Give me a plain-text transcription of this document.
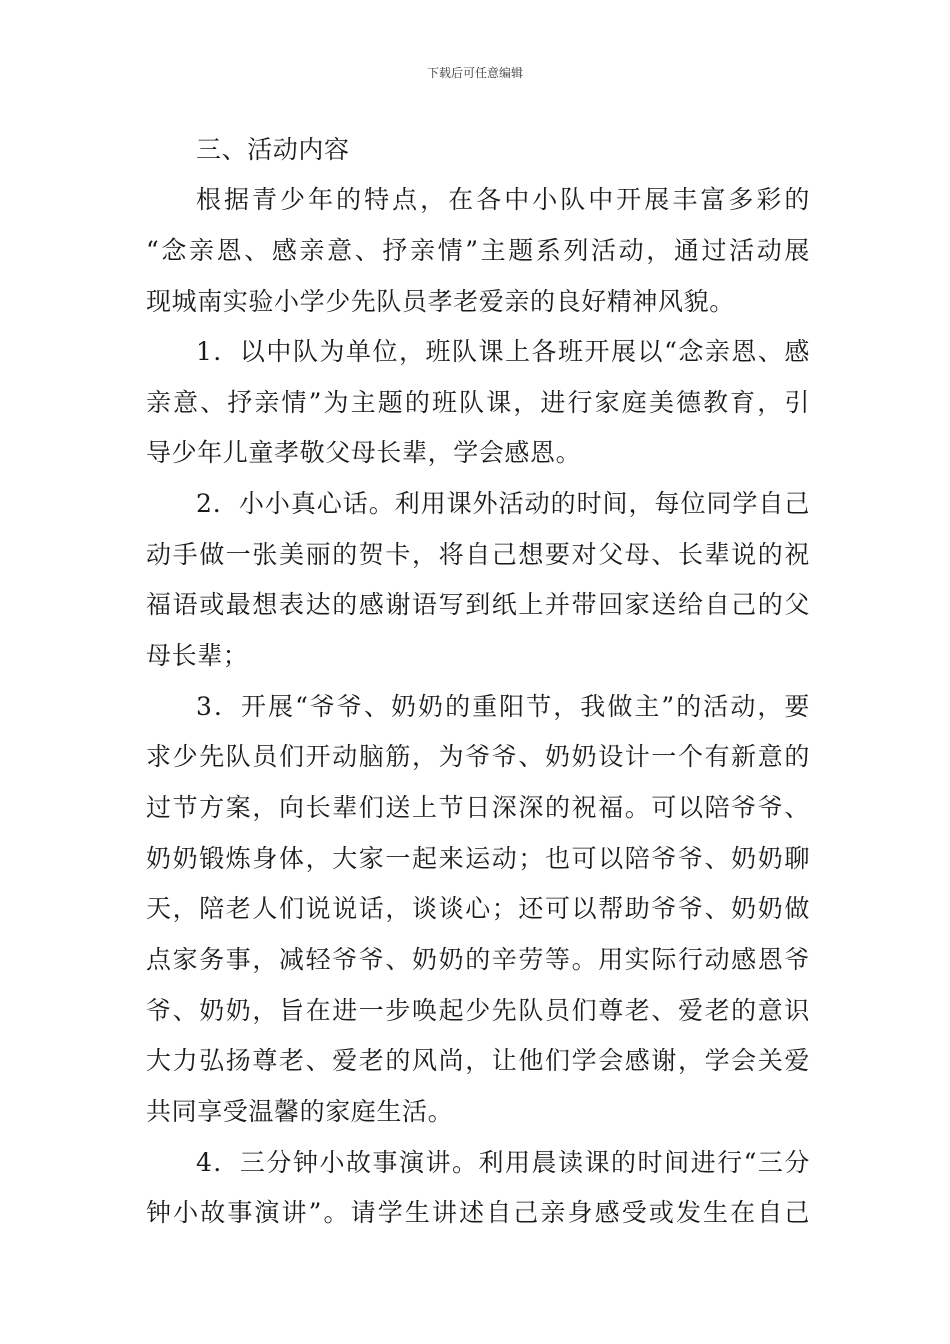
下载后可任意编辑
三、活动内容
根据青少年的特点，在各中小队中开展丰富多彩的
“念亲恩、感亲意、抒亲情”主题系列活动，通过活动展
现城南实验小学少先队员孝老爱亲的良好精神风貌。
1．以中队为单位，班队课上各班开展以“念亲恩、感
亲意、抒亲情”为主题的班队课，进行家庭美德教育，引
导少年儿童孝敬父母长辈，学会感恩。
2．小小真心话。利用课外活动的时间，每位同学自己
动手做一张美丽的贺卡，将自己想要对父母、长辈说的祝
福语或最想表达的感谢语写到纸上并带回家送给自己的父
母长辈；
3．开展“爷爷、奶奶的重阳节，我做主”的活动，要
求少先队员们开动脑筋，为爷爷、奶奶设计一个有新意的
过节方案，向长辈们送上节日深深的祝福。可以陪爷爷、
奶奶锻炼身体，大家一起来运动；也可以陪爷爷、奶奶聊
天，陪老人们说说话，谈谈心；还可以帮助爷爷、奶奶做
点家务事，减轻爷爷、奶奶的辛劳等。用实际行动感恩爷
爷、奶奶，旨在进一步唤起少先队员们尊老、爱老的意识
大力弘扬尊老、爱老的风尚，让他们学会感谢，学会关爱
共同享受温馨的家庭生活。
4．三分钟小故事演讲。利用晨读课的时间进行“三分
钟小故事演讲”。请学生讲述自己亲身感受或发生在自己
